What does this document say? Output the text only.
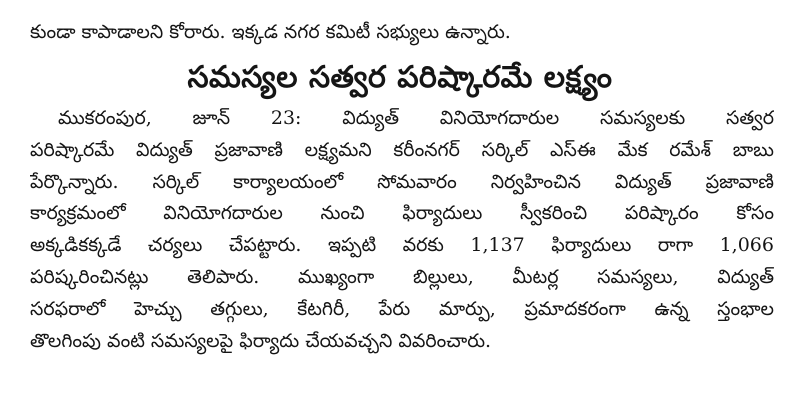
కుండా కాపాడాలని కోరారు. ఇక్కడ నగర కమిటీ సభ్యులు ఉన్నారు.
సమస్యల సత్వర పరిష్కారమే లక్ష్యం
ముకరంపుర, జూన్ 23: విద్యుత్ వినియోగదారుల సమస్యలకు సత్వర
పరిష్కారమే విద్యుత్ ప్రజావాణి లక్ష్యమని కరీంనగర్ సర్కిల్ ఎస్ఈ మేక రమేశ్ బాబు
పేర్కొన్నారు. సర్కిల్ కార్యాలయంలో సోమవారం నిర్వహించిన విద్యుత్ ప్రజావాణి
కార్యక్రమంలో వినియోగదారుల నుంచి ఫిర్యాదులు స్వీకరించి పరిష్కారం కోసం
అక్కడికక్కడే చర్యలు చేపట్టారు. ఇప్పటి వరకు 1,137 ఫిర్యాదులు రాగా 1,066
పరిష్కరించినట్లు తెలిపారు. ముఖ్యంగా బిల్లులు, మీటర్ల సమస్యలు, విద్యుత్
సరఫరాలో హెచ్చు తగ్గులు, కేటగిరీ, పేరు మార్పు, ప్రమాదకరంగా ఉన్న స్తంభాల
తొలగింపు వంటి సమస్యలపై ఫిర్యాదు చేయవచ్చని వివరించారు.
